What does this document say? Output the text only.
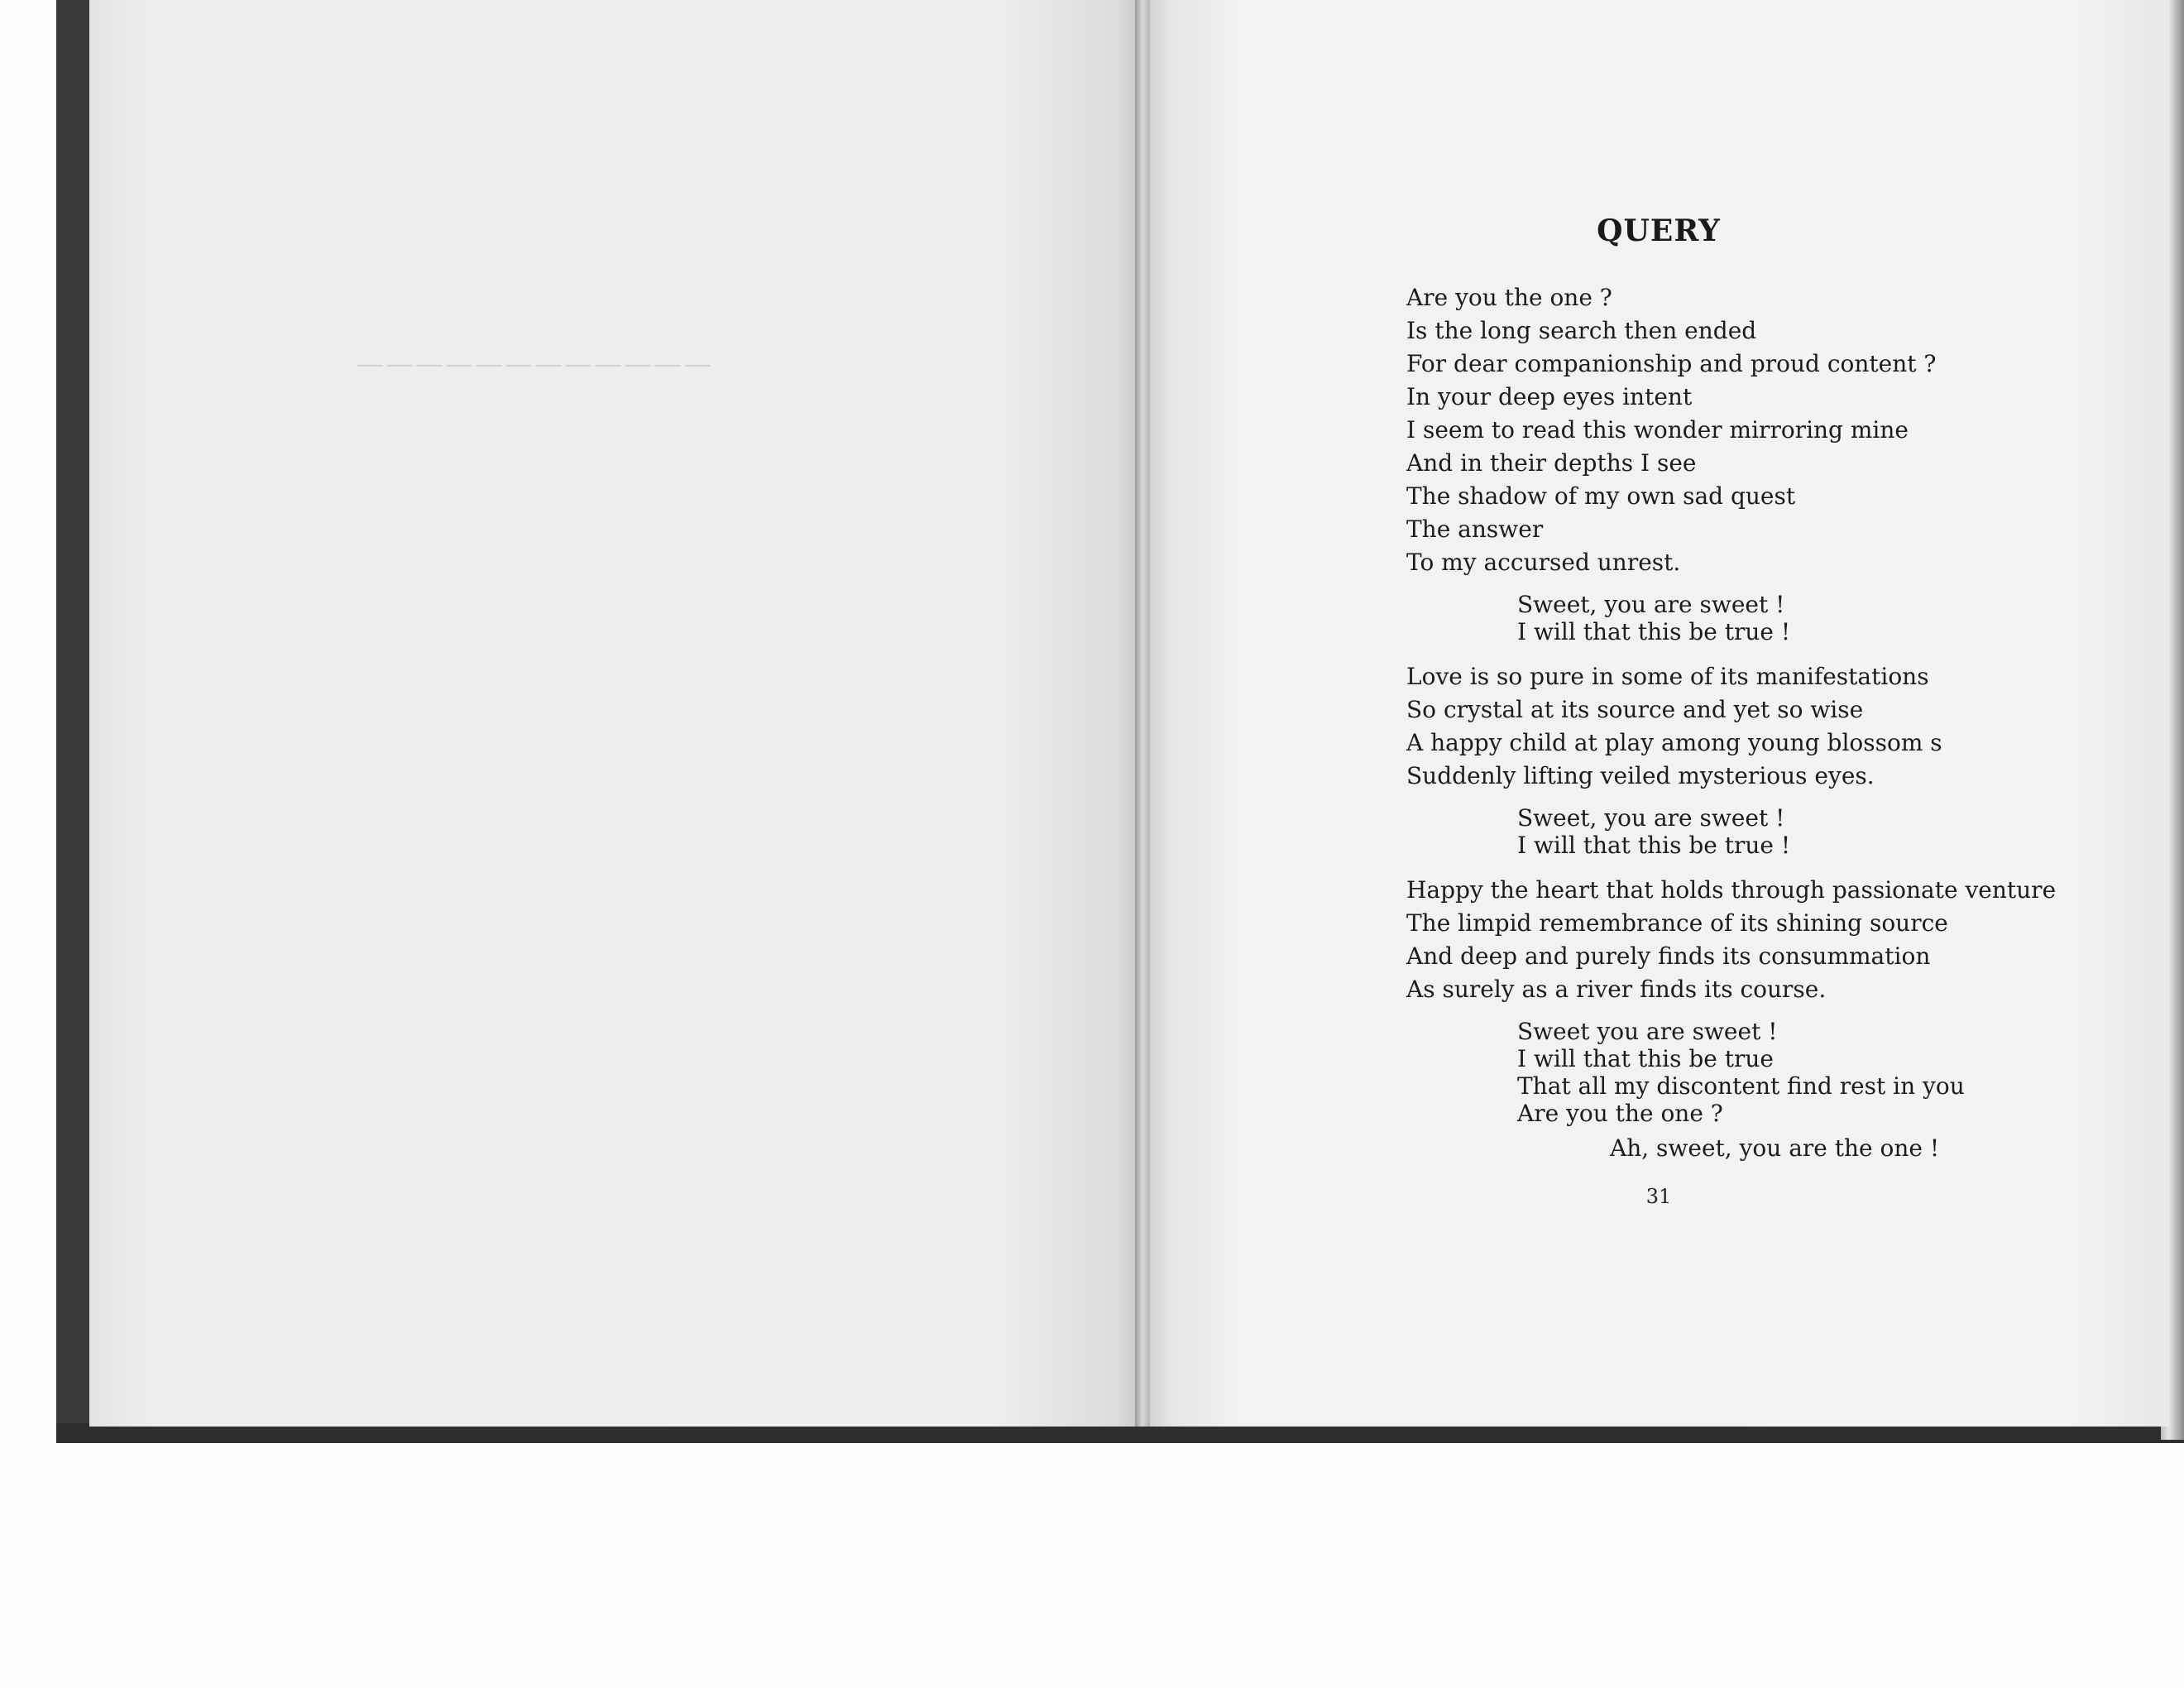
————————————
QUERY
Are you the one ?
Is the long search then ended
For dear companionship and proud content ?
In your deep eyes intent
I seem to read this wonder mirroring mine
And in their depths I see
The shadow of my own sad quest
The answer
To my accursed unrest.
Sweet, you are sweet !
I will that this be true !
Love is so pure in some of its manifestations
So crystal at its source and yet so wise
A happy child at play among young blossom s
Suddenly lifting veiled mysterious eyes.
Sweet, you are sweet !
I will that this be true !
Happy the heart that holds through passionate venture
The limpid remembrance of its shining source
And deep and purely finds its consummation
As surely as a river finds its course.
Sweet you are sweet !
I will that this be true
That all my discontent find rest in you
Are you the one ?
Ah, sweet, you are the one !
31
